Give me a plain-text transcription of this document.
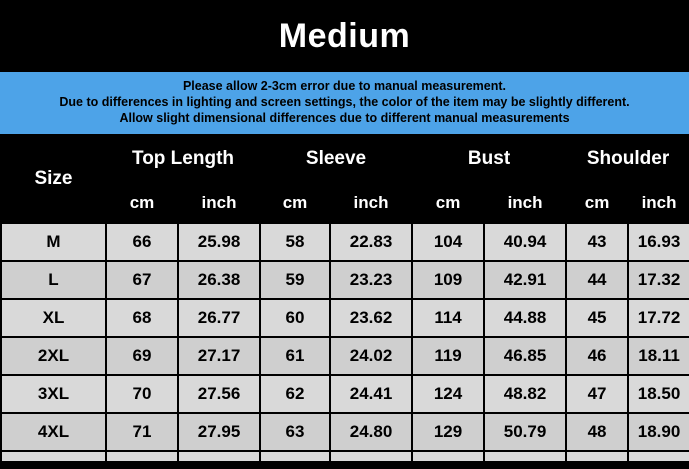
Medium
Please allow 2-3cm error due to manual measurement.
Due to differences in lighting and screen settings, the color of the item may be slightly different.
Allow slight dimensional differences due to different manual measurements
Size	Top Length		Sleeve		Bust		Shoulder	
	cm	inch	cm	inch	cm	inch	cm	inch
M	66	25.98	58	22.83	104	40.94	43	16.93
L	67	26.38	59	23.23	109	42.91	44	17.32
XL	68	26.77	60	23.62	114	44.88	45	17.72
2XL	69	27.17	61	24.02	119	46.85	46	18.11
3XL	70	27.56	62	24.41	124	48.82	47	18.50
4XL	71	27.95	63	24.80	129	50.79	48	18.90
